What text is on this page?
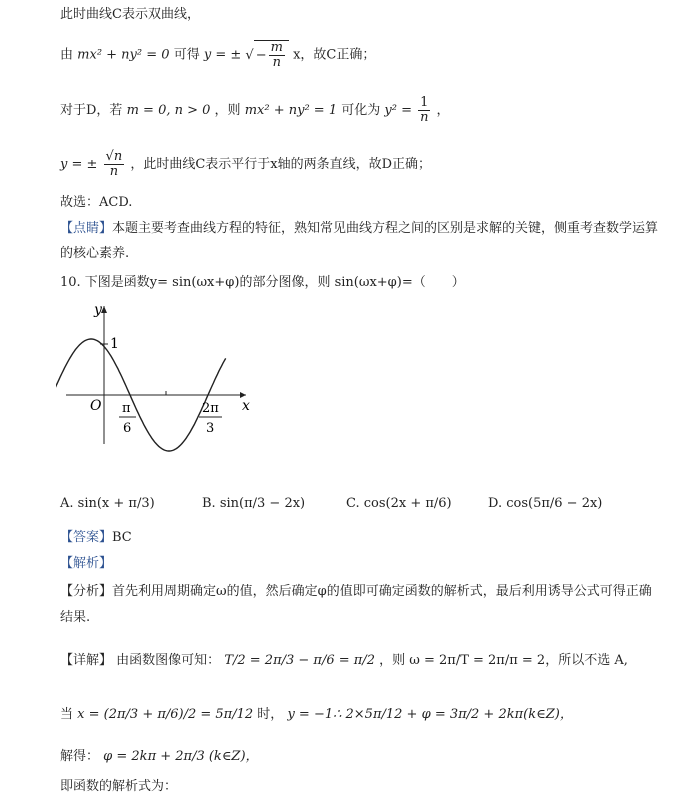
此时曲线C表示双曲线，
由 mx² + ny² = 0 可得 y = ± √ − $\frac{m}{n}$ x，故C正确；
对于D，若 m = 0, n > 0 ，则 mx² + ny² = 1 可化为 $y^2 = \frac{1}{n}$ ，
y = ± $\frac{√n}{n}$ ，此时曲线C表示平行于x轴的两条直线，故D正确；
故选：ACD.
【点睛】本题主要考查曲线方程的特征，熟知常见曲线方程之间的区别是求解的关键，侧重考查数学运算
的核心素养.
10. 下图是函数y= sin(ωx+φ)的部分图像，则 sin(ωx+φ)=（　　）
y
x
O
1
π
6
2π
3
A. sin(x + π/3)	B. sin(π/3 − 2x)	C. cos(2x + π/6)	D. cos(5π/6 − 2x)
【答案】BC
【解析】
【分析】首先利用周期确定ω的值，然后确定φ的值即可确定函数的解析式，最后利用诱导公式可得正确
结果.
【详解】 由函数图像可知： T/2 = 2π/3 − π/6 = π/2 ，则 ω = 2π/T = 2π/π = 2，所以不选 A,
当 x = (2π/3 + π/6)/2 = 5π/12 时， y = −1∴ 2×5π/12 + φ = 3π/2 + 2kπ(k∈Z)，
解得： φ = 2kπ + 2π/3 (k∈Z)，
即函数的解析式为：
